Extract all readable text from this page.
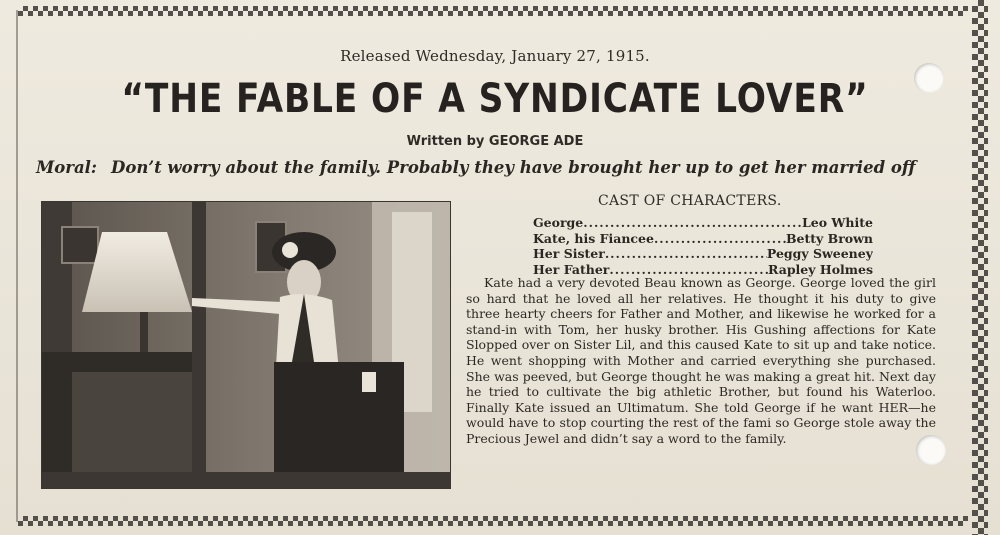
Released Wednesday, January 27, 1915.
“THE FABLE OF A SYNDICATE LOVER”
Written by GEORGE ADE
Moral: Don’t worry about the family. Probably they have brought her up to get her married off
CAST OF CHARACTERS.
George .....	Leo White
Kate, his Fiancee .....	Betty Brown
Her Sister .....	Peggy Sweeney
Her Father .....	Rapley Holmes
Kate had a very devoted Beau known as George. George loved the girl so hard that he loved all her relatives. He thought it his duty to give three hearty cheers for Father and Mother, and likewise he worked for a stand-in with Tom, her husky brother. His Gushing affections for Kate Slopped over on Sister Lil, and this caused Kate to sit up and take notice. He went shopping with Mother and carried everything she purchased. She was peeved, but George thought he was making a great hit. Next day he tried to cultivate the big athletic Brother, but found his Waterloo. Finally Kate issued an Ultimatum. She told George if he want HER—he would have to stop courting the rest of the fami so George stole away the Precious Jewel and didn’t say a word to the family.
